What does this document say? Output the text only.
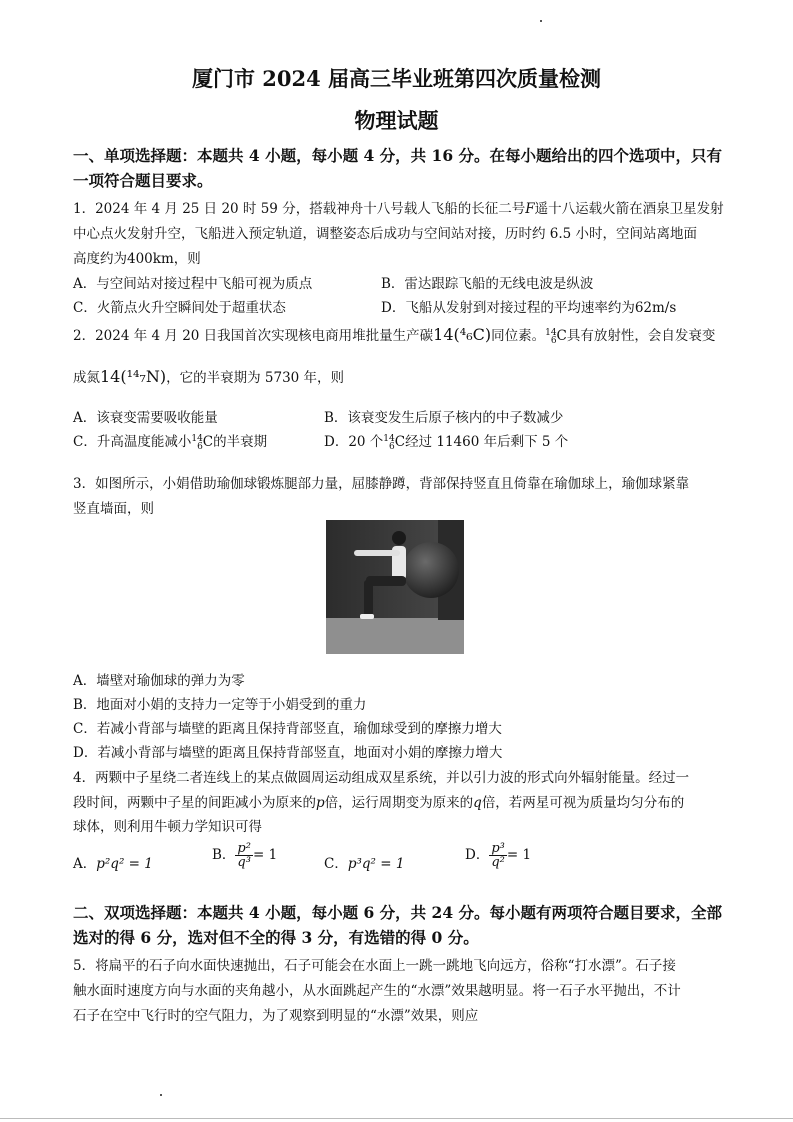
厦门市 2024 届高三毕业班第四次质量检测
物理试题
一、单项选择题：本题共 4 小题，每小题 4 分，共 16 分。在每小题给出的四个选项中，只有
一项符合题目要求。
1．2024 年 4 月 25 日 20 时 59 分，搭载神舟十八号载人飞船的长征二号F遥十八运载火箭在酒泉卫星发射
中心点火发射升空，飞船进入预定轨道，调整姿态后成功与空间站对接，历时约 6.5 小时，空间站离地面
高度约为400km，则
A．与空间站对接过程中飞船可视为质点	B．雷达跟踪飞船的无线电波是纵波
C．火箭点火升空瞬间处于超重状态	D．飞船从发射到对接过程的平均速率约为62m/s
2．2024 年 4 月 20 日我国首次实现核电商用堆批量生产碳14(⁴₆C)同位素。 14
6 C具有放射性，会自发衰变
成氮14(¹⁴₇N)，它的半衰期为 5730 年，则
A．该衰变需要吸收能量	B．该衰变发生后原子核内的中子数减少
C．升高温度能减小 14
6 C的半衰期	D．20 个 14
6 C经过 11460 年后剩下 5 个
3．如图所示，小娟借助瑜伽球锻炼腿部力量，屈膝静蹲，背部保持竖直且倚靠在瑜伽球上，瑜伽球紧靠
竖直墙面，则
A．墙壁对瑜伽球的弹力为零
B．地面对小娟的支持力一定等于小娟受到的重力
C．若减小背部与墙壁的距离且保持背部竖直，瑜伽球受到的摩擦力增大
D．若减小背部与墙壁的距离且保持背部竖直，地面对小娟的摩擦力增大
4．两颗中子星绕二者连线上的某点做圆周运动组成双星系统，并以引力波的形式向外辐射能量。经过一
段时间，两颗中子星的间距减小为原来的p倍，运行周期变为原来的q倍，若两星可视为质量均匀分布的
球体，则利用牛顿力学知识可得
A．p²q² = 1
B． $\frac{\text{p²}}{\text{q³}} = 1$
C．p³q² = 1
D． $\frac{\text{p³}}{\text{q²}} = 1$
二、双项选择题：本题共 4 小题，每小题 6 分，共 24 分。每小题有两项符合题目要求，全部
选对的得 6 分，选对但不全的得 3 分，有选错的得 0 分。
5．将扁平的石子向水面快速抛出，石子可能会在水面上一跳一跳地飞向远方，俗称“打水漂”。石子接
触水面时速度方向与水面的夹角越小，从水面跳起产生的“水漂”效果越明显。将一石子水平抛出，不计
石子在空中飞行时的空气阻力，为了观察到明显的“水漂”效果，则应
